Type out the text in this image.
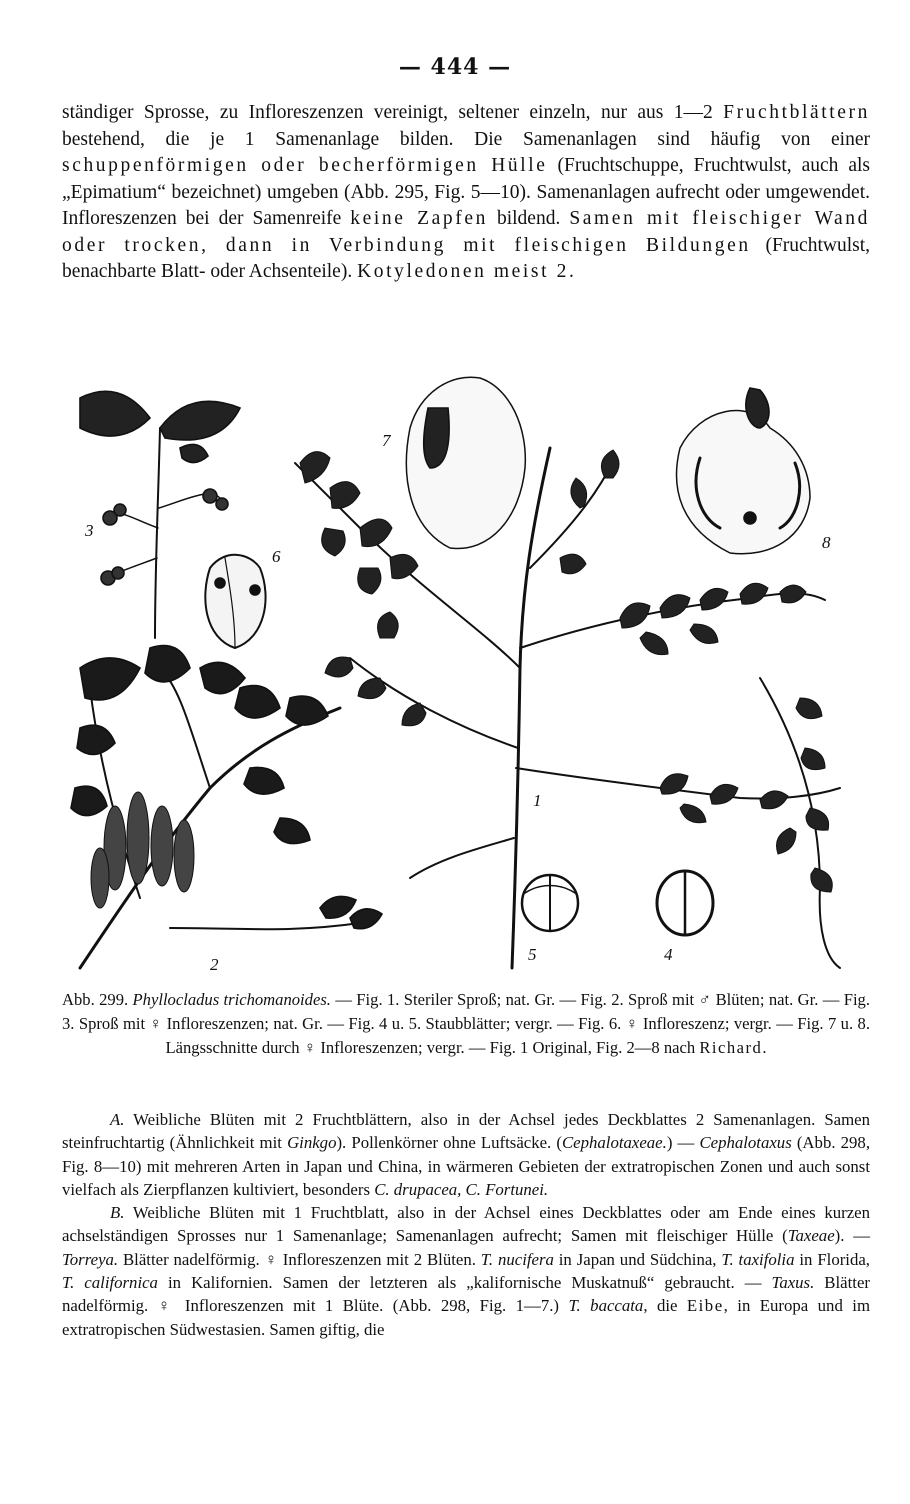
— 444 —

ständiger Sprosse, zu Infloreszenzen vereinigt, seltener einzeln, nur aus 1—2 Fruchtblättern bestehend, die je 1 Samenanlage bilden. Die Samenanlagen sind häufig von einer schuppenförmigen oder becherförmigen Hülle (Fruchtschuppe, Fruchtwulst, auch als „Epimatium“ bezeichnet) umgeben (Abb. 295, Fig. 5—10). Samenanlagen aufrecht oder umgewendet. Infloreszenzen bei der Samenreife keine Zapfen bildend. Samen mit fleischiger Wand oder trocken, dann in Verbindung mit fleischigen Bildungen (Fruchtwulst, benachbarte Blatt- oder Achsenteile). Kotyledonen meist 2.

1
2
3
4
5
6
7
8

Abb. 299. Phyllocladus trichomanoides. — Fig. 1. Steriler Sproß; nat. Gr. — Fig. 2. Sproß mit ♂ Blüten; nat. Gr. — Fig. 3. Sproß mit ♀ Infloreszenzen; nat. Gr. — Fig. 4 u. 5. Staubblätter; vergr. — Fig. 6. ♀ Infloreszenz; vergr. — Fig. 7 u. 8. Längsschnitte durch ♀ Infloreszenzen; vergr. — Fig. 1 Original, Fig. 2—8 nach Richard.

A. Weibliche Blüten mit 2 Fruchtblättern, also in der Achsel jedes Deckblattes 2 Samenanlagen. Samen steinfruchtartig (Ähnlichkeit mit Ginkgo). Pollenkörner ohne Luftsäcke. (Cephalotaxeae.) — Cephalotaxus (Abb. 298, Fig. 8—10) mit mehreren Arten in Japan und China, in wärmeren Gebieten der extratropischen Zonen und auch sonst vielfach als Zierpflanzen kultiviert, besonders C. drupacea, C. Fortunei.

B. Weibliche Blüten mit 1 Fruchtblatt, also in der Achsel eines Deckblattes oder am Ende eines kurzen achselständigen Sprosses nur 1 Samenanlage; Samenanlagen aufrecht; Samen mit fleischiger Hülle (Taxeae). — Torreya. Blätter nadelförmig. ♀ Infloreszenzen mit 2 Blüten. T. nucifera in Japan und Südchina, T. taxifolia in Florida, T. californica in Kalifornien. Samen der letzteren als „kalifornische Muskatnuß“ gebraucht. — Taxus. Blätter nadelförmig. ♀ Infloreszenzen mit 1 Blüte. (Abb. 298, Fig. 1—7.) T. baccata, die Eibe, in Europa und im extratropischen Südwestasien. Samen giftig, die
